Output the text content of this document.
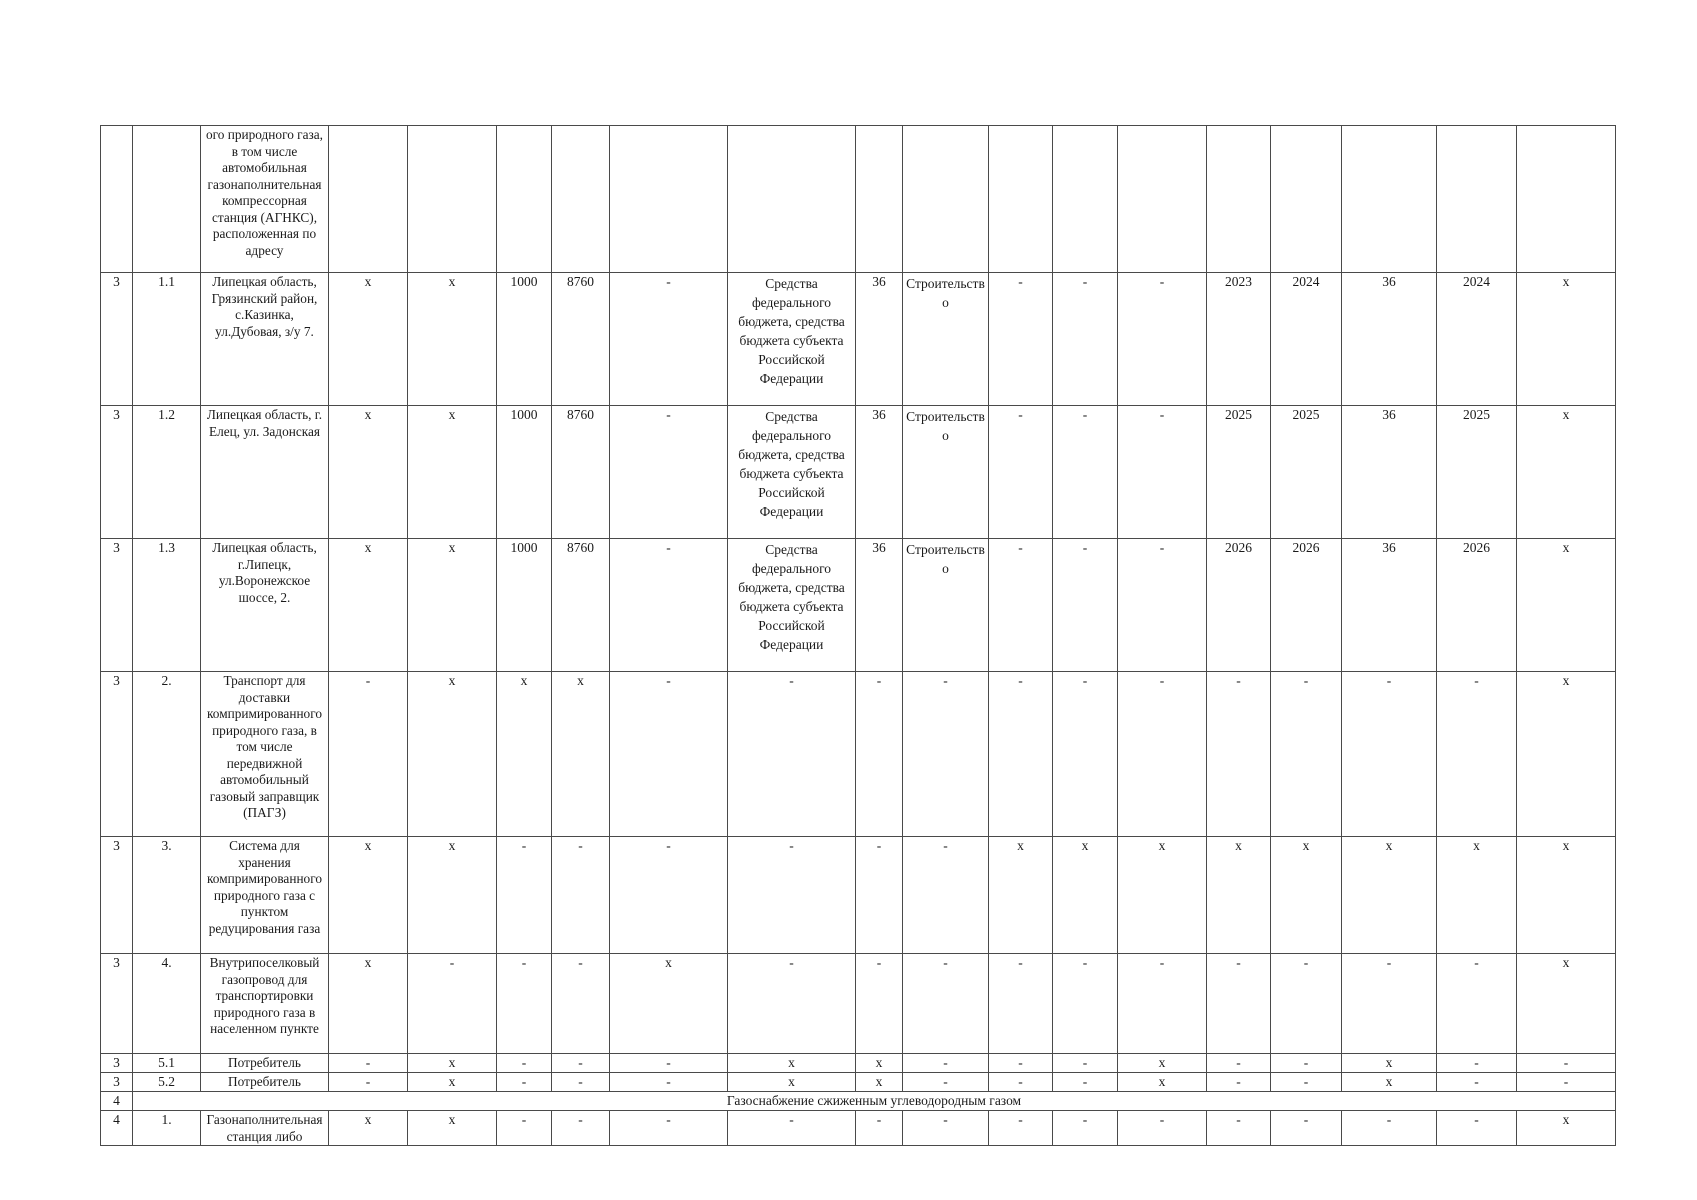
		ого природного газа, в том числе автомобильная газонаполнительная компрессорная станция (АГНКС), расположенная по адресу																
3	1.1	Липецкая область, Грязинский район, с.Казинка, ул.Дубовая, з/у 7.	x	x	1000	8760	-	Средства федерального бюджета, средства бюджета субъекта Российской Федерации	36	Строительство	-	-	-	2023	2024	36	2024	x
3	1.2	Липецкая область, г. Елец, ул. Задонская	x	x	1000	8760	-	Средства федерального бюджета, средства бюджета субъекта Российской Федерации	36	Строительство	-	-	-	2025	2025	36	2025	x
3	1.3	Липецкая область, г.Липецк, ул.Воронежское шоссе, 2.	x	x	1000	8760	-	Средства федерального бюджета, средства бюджета субъекта Российской Федерации	36	Строительство	-	-	-	2026	2026	36	2026	x
3	2.	Транспорт для доставки компримированного природного газа, в том числе передвижной автомобильный газовый заправщик (ПАГЗ)	-	x	x	x	-	-	-	-	-	-	-	-	-	-	-	x
3	3.	Система для хранения компримированного природного газа с пунктом редуцирования газа	x	x	-	-	-	-	-	-	x	x	x	x	x	x	x	x
3	4.	Внутрипоселковый газопровод для транспортировки природного газа в населенном пункте	x	-	-	-	x	-	-	-	-	-	-	-	-	-	-	x
3	5.1	Потребитель	-	x	-	-	-	x	x	-	-	-	x	-	-	x	-	-
3	5.2	Потребитель	-	x	-	-	-	x	x	-	-	-	x	-	-	x	-	-
4	Газоснабжение сжиженным углеводородным газом																	
4	1.	Газонаполнительная станция либо	x	x	-	-	-	-	-	-	-	-	-	-	-	-	-	x
